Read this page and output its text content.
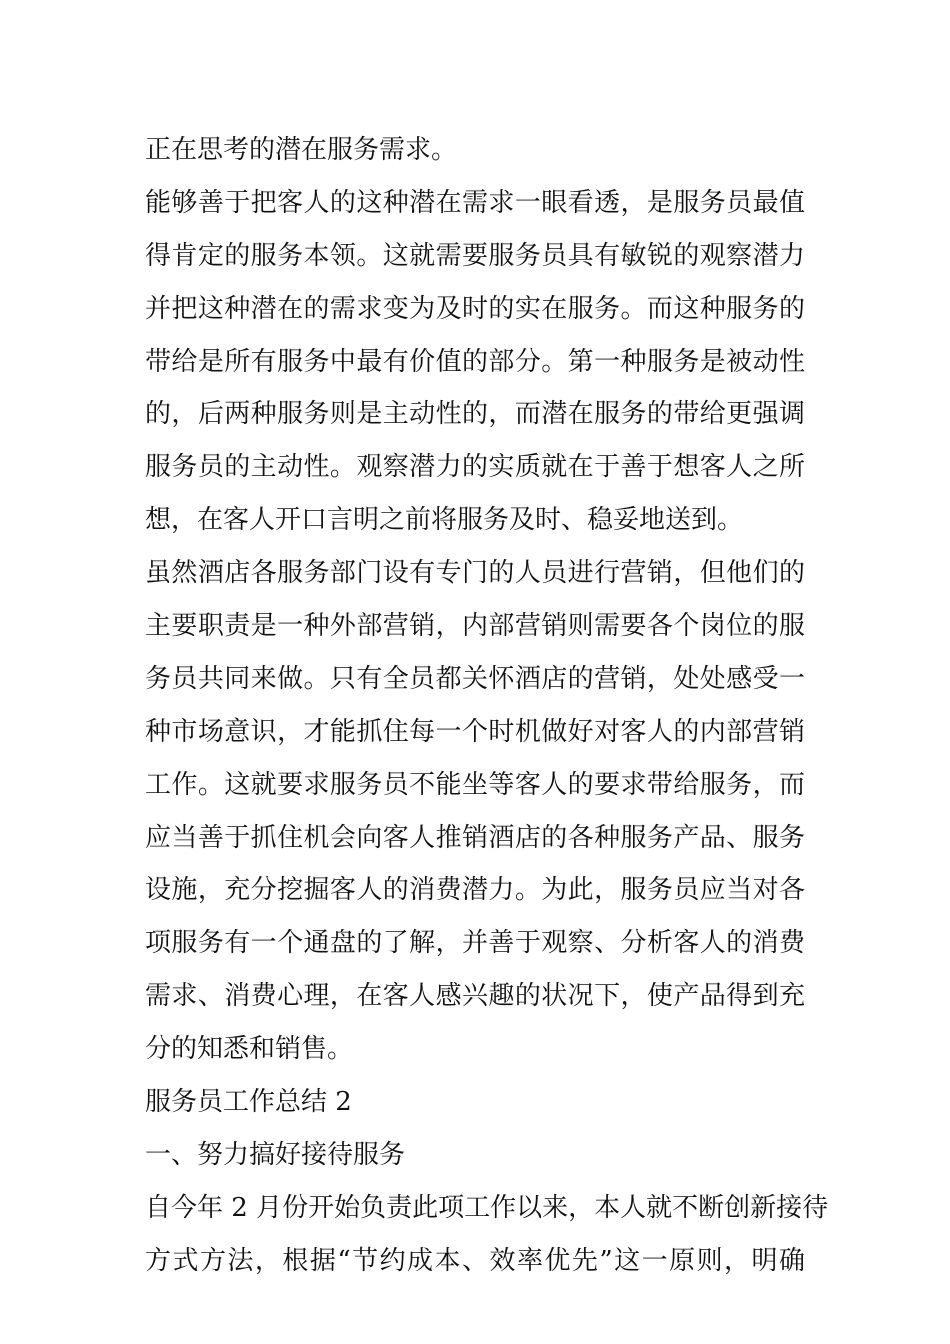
正在思考的潜在服务需求。
能够善于把客人的这种潜在需求一眼看透，是服务员最值
得肯定的服务本领。这就需要服务员具有敏锐的观察潜力
并把这种潜在的需求变为及时的实在服务。而这种服务的
带给是所有服务中最有价值的部分。第一种服务是被动性
的，后两种服务则是主动性的，而潜在服务的带给更强调
服务员的主动性。观察潜力的实质就在于善于想客人之所
想，在客人开口言明之前将服务及时、稳妥地送到。
虽然酒店各服务部门设有专门的人员进行营销，但他们的
主要职责是一种外部营销，内部营销则需要各个岗位的服
务员共同来做。只有全员都关怀酒店的营销，处处感受一
种市场意识，才能抓住每一个时机做好对客人的内部营销
工作。这就要求服务员不能坐等客人的要求带给服务，而
应当善于抓住机会向客人推销酒店的各种服务产品、服务
设施，充分挖掘客人的消费潜力。为此，服务员应当对各
项服务有一个通盘的了解，并善于观察、分析客人的消费
需求、消费心理，在客人感兴趣的状况下，使产品得到充
分的知悉和销售。
服务员工作总结 2
一、努力搞好接待服务
自今年 2 月份开始负责此项工作以来，本人就不断创新接待
方式方法，根据“节约成本、效率优先”这一原则，明确
